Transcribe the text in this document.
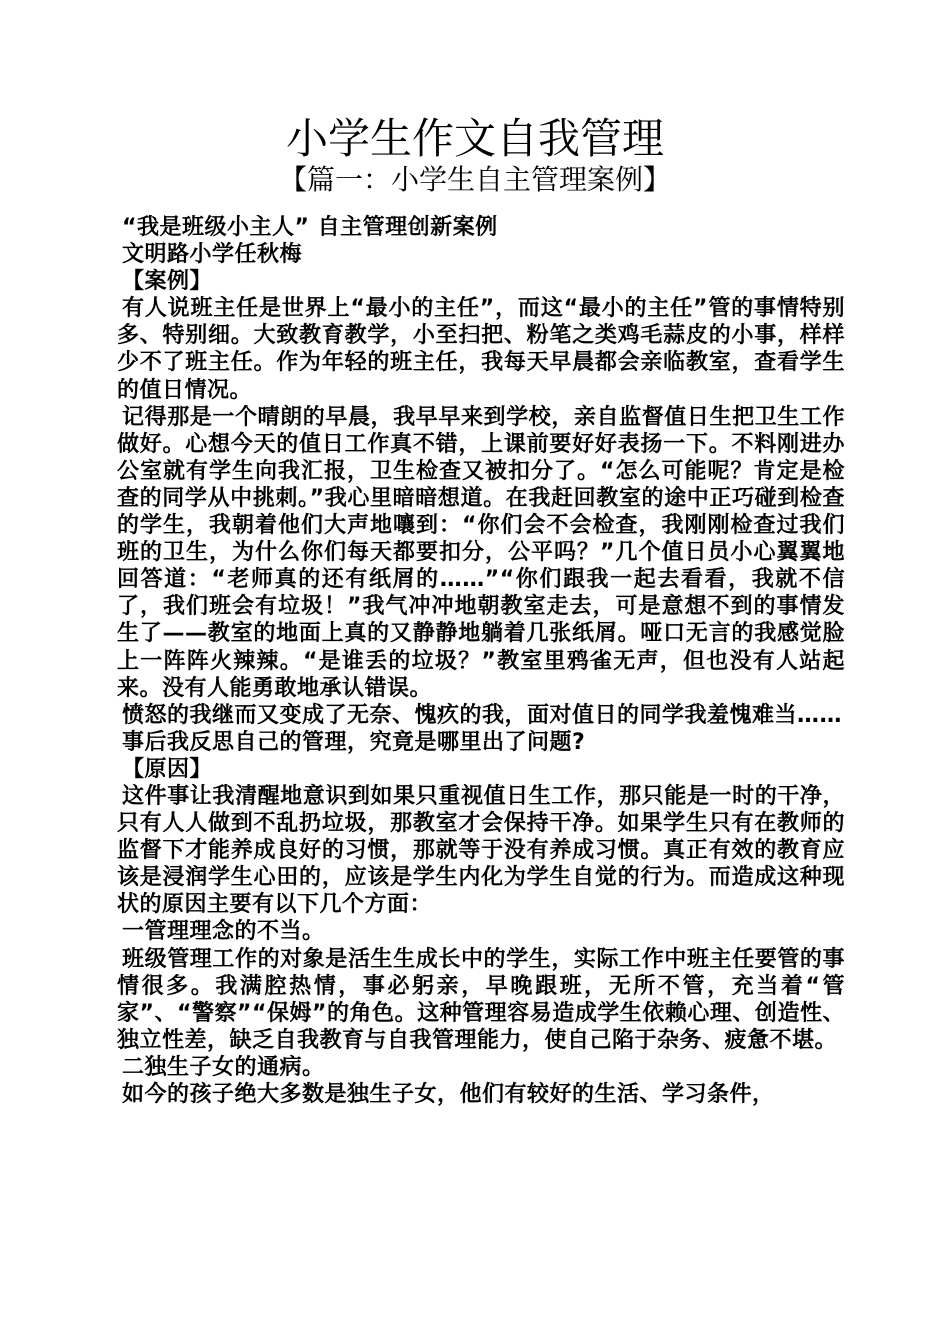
小学生作文自我管理
【篇一：小学生自主管理案例】

“我是班级小主人” 自主管理创新案例

文明路小学任秋梅

【案例】

有人说班主任是世界上“最小的主任”，而这“最小的主任”管的事情特别多、特别细。大致教育教学，小至扫把、粉笔之类鸡毛蒜皮的小事，样样少不了班主任。作为年轻的班主任，我每天早晨都会亲临教室，查看学生的值日情况。

记得那是一个晴朗的早晨，我早早来到学校，亲自监督值日生把卫生工作做好。心想今天的值日工作真不错，上课前要好好表扬一下。不料刚进办公室就有学生向我汇报，卫生检查又被扣分了。“怎么可能呢？肯定是检查的同学从中挑刺。”我心里暗暗想道。在我赶回教室的途中正巧碰到检查的学生，我朝着他们大声地嚷到：“你们会不会检查，我刚刚检查过我们班的卫生，为什么你们每天都要扣分，公平吗？”几个值日员小心翼翼地回答道：“老师真的还有纸屑的……”“你们跟我一起去看看，我就不信了，我们班会有垃圾！”我气冲冲地朝教室走去，可是意想不到的事情发生了——教室的地面上真的又静静地躺着几张纸屑。哑口无言的我感觉脸上一阵阵火辣辣。“是谁丢的垃圾？”教室里鸦雀无声，但也没有人站起来。没有人能勇敢地承认错误。

愤怒的我继而又变成了无奈、愧疚的我，面对值日的同学我羞愧难当……

事后我反思自己的管理，究竟是哪里出了问题?

【原因】

这件事让我清醒地意识到如果只重视值日生工作，那只能是一时的干净，只有人人做到不乱扔垃圾，那教室才会保持干净。如果学生只有在教师的监督下才能养成良好的习惯，那就等于没有养成习惯。真正有效的教育应该是浸润学生心田的，应该是学生内化为学生自觉的行为。而造成这种现状的原因主要有以下几个方面：

一管理理念的不当。

班级管理工作的对象是活生生成长中的学生，实际工作中班主任要管的事情很多。我满腔热情，事必躬亲，早晚跟班，无所不管，充当着“管家”、“警察”“保姆”的角色。这种管理容易造成学生依赖心理、创造性、独立性差，缺乏自我教育与自我管理能力，使自己陷于杂务、疲惫不堪。

二独生子女的通病。

如今的孩子绝大多数是独生子女，他们有较好的生活、学习条件，
